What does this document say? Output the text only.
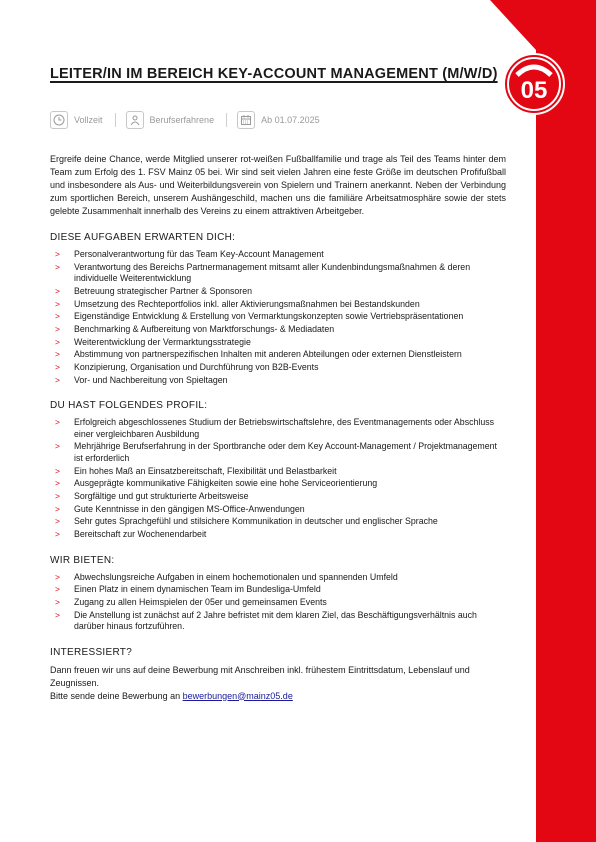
05
LEITER/IN IM BEREICH KEY-ACCOUNT MANAGEMENT (M/W/D)
Vollzeit	Berufserfahrene	Ab 01.07.2025

Ergreife deine Chance, werde Mitglied unserer rot-weißen Fußballfamilie und trage als Teil des Teams hinter dem Team zum Erfolg des 1. FSV Mainz 05 bei. Wir sind seit vielen Jahren eine feste Größe im deutschen Profifußball und insbesondere als Aus- und Weiterbildungsverein von Spielern und Trainern anerkannt. Neben der Verbindung zum sportlichen Bereich, unserem Aushängeschild, machen uns die familiäre Arbeitsatmosphäre sowie der stets gelebte Zusammenhalt innerhalb des Vereins zu einem attraktiven Arbeitgeber.

DIESE AUFGABEN ERWARTEN DICH:
> Personalverantwortung für das Team Key-Account Management
> Verantwortung des Bereichs Partnermanagement mitsamt aller Kundenbindungsmaßnahmen & deren individuelle Weiterentwicklung
> Betreuung strategischer Partner & Sponsoren
> Umsetzung des Rechteportfolios inkl. aller Aktivierungsmaßnahmen bei Bestandskunden
> Eigenständige Entwicklung & Erstellung von Vermarktungskonzepten sowie Vertriebspräsentationen
> Benchmarking & Aufbereitung von Marktforschungs- & Mediadaten
> Weiterentwicklung der Vermarktungsstrategie
> Abstimmung von partnerspezifischen Inhalten mit anderen Abteilungen oder externen Dienstleistern
> Konzipierung, Organisation und Durchführung von B2B-Events
> Vor- und Nachbereitung von Spieltagen
DU HAST FOLGENDES PROFIL:
> Erfolgreich abgeschlossenes Studium der Betriebswirtschaftslehre, des Eventmanagements oder Abschluss einer vergleichbaren Ausbildung
> Mehrjährige Berufserfahrung in der Sportbranche oder dem Key Account-Management / Projektmanagement ist erforderlich
> Ein hohes Maß an Einsatzbereitschaft, Flexibilität und Belastbarkeit
> Ausgeprägte kommunikative Fähigkeiten sowie eine hohe Serviceorientierung
> Sorgfältige und gut strukturierte Arbeitsweise
> Gute Kenntnisse in den gängigen MS-Office-Anwendungen
> Sehr gutes Sprachgefühl und stilsichere Kommunikation in deutscher und englischer Sprache
> Bereitschaft zur Wochenendarbeit
WIR BIETEN:
> Abwechslungsreiche Aufgaben in einem hochemotionalen und spannenden Umfeld
> Einen Platz in einem dynamischen Team im Bundesliga-Umfeld
> Zugang zu allen Heimspielen der 05er und gemeinsamen Events
> Die Anstellung ist zunächst auf 2 Jahre befristet mit dem klaren Ziel, das Beschäftigungsverhältnis auch darüber hinaus fortzuführen.
INTERESSIERT?
Dann freuen wir uns auf deine Bewerbung mit Anschreiben inkl. frühestem Eintrittsdatum, Lebenslauf und Zeugnissen.
Bitte sende deine Bewerbung an bewerbungen@mainz05.de
